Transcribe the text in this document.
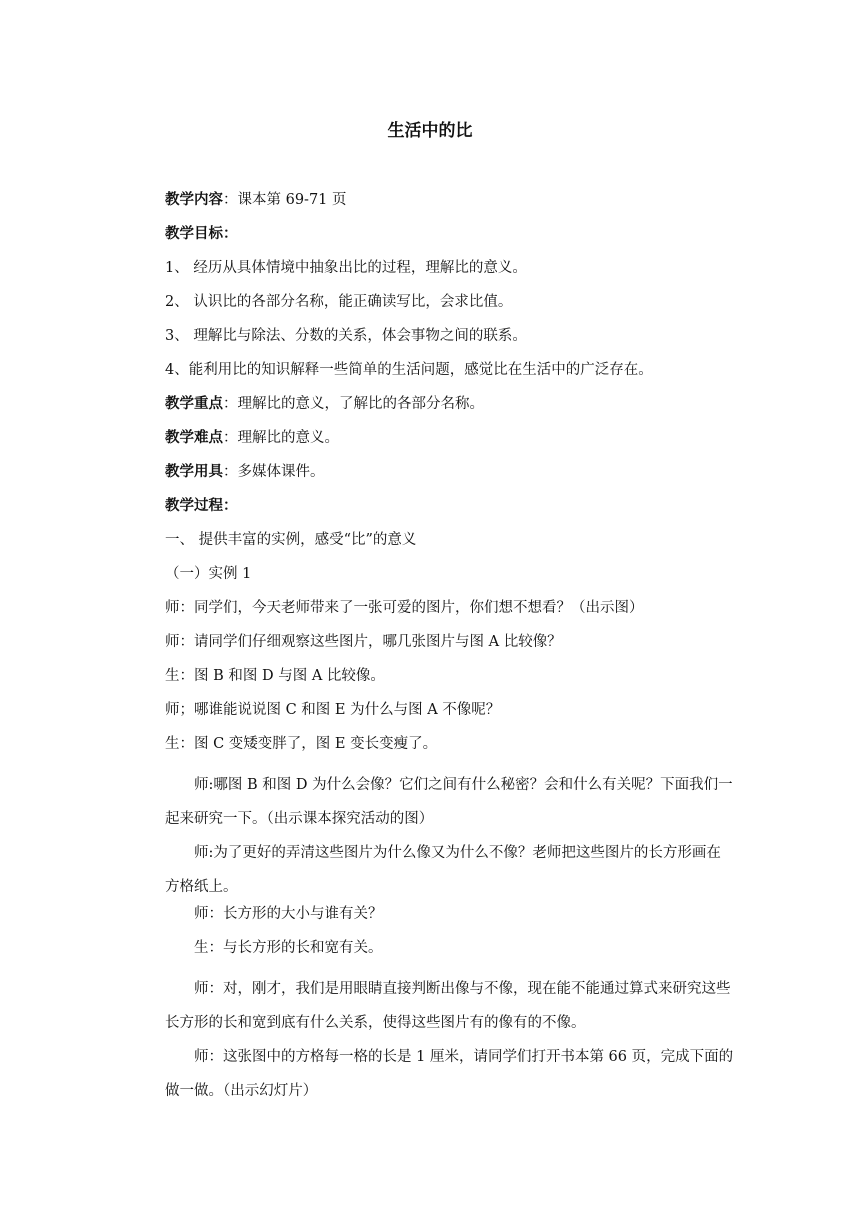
生活中的比
教学内容：课本第 69-71 页
教学目标：
1、 经历从具体情境中抽象出比的过程，理解比的意义。
2、 认识比的各部分名称，能正确读写比，会求比值。
3、 理解比与除法、分数的关系，体会事物之间的联系。
4、能利用比的知识解释一些简单的生活问题，感觉比在生活中的广泛存在。
教学重点：理解比的意义，了解比的各部分名称。
教学难点：理解比的意义。
教学用具：多媒体课件。
教学过程：
一、 提供丰富的实例，感受“比”的意义
（一）实例 1
师：同学们，今天老师带来了一张可爱的图片，你们想不想看？（出示图）
师：请同学们仔细观察这些图片，哪几张图片与图 A 比较像？
生：图 B 和图 D 与图 A 比较像。
师；哪谁能说说图 C 和图 E 为什么与图 A 不像呢？
生：图 C 变矮变胖了，图 E 变长变瘦了。
师:哪图 B 和图 D 为什么会像？它们之间有什么秘密？会和什么有关呢？下面我们一起来研究一下。（出示课本探究活动的图）
师:为了更好的弄清这些图片为什么像又为什么不像？老师把这些图片的长方形画在方格纸上。
师：长方形的大小与谁有关？
生：与长方形的长和宽有关。
师：对，刚才，我们是用眼睛直接判断出像与不像，现在能不能通过算式来研究这些长方形的长和宽到底有什么关系，使得这些图片有的像有的不像。
师：这张图中的方格每一格的长是 1 厘米，请同学们打开书本第 66 页，完成下面的做一做。（出示幻灯片）
